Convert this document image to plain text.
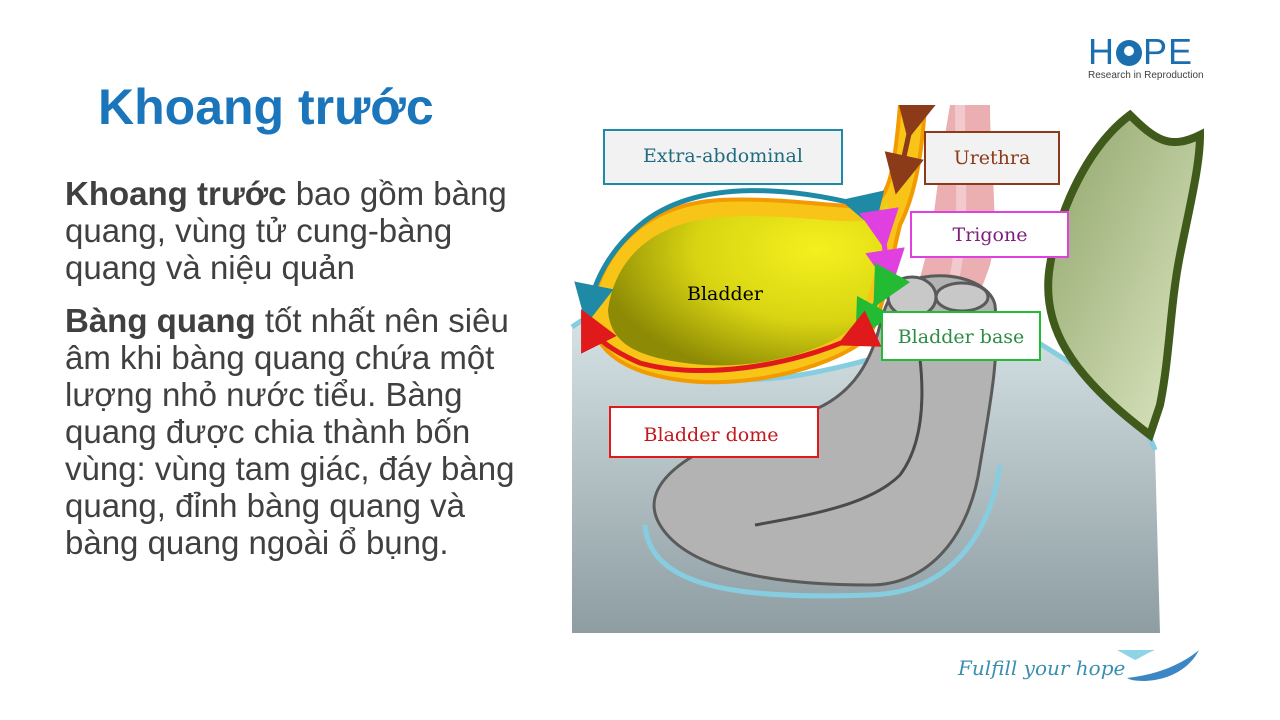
Khoang trước

Khoang trước bao gồm bàng quang, vùng tử cung-bàng quang và niệu quản

Bàng quang tốt nhất nên siêu âm khi bàng quang chứa một lượng nhỏ nước tiểu. Bàng quang được chia thành bốn vùng: vùng tam giác, đáy bàng quang, đỉnh bàng quang và bàng quang ngoài ổ bụng.

H PE
Research in Reproduction
Extra-abdominal	Urethra
Trigone
Bladder
Bladder base
Bladder dome
Fulfill your hope
